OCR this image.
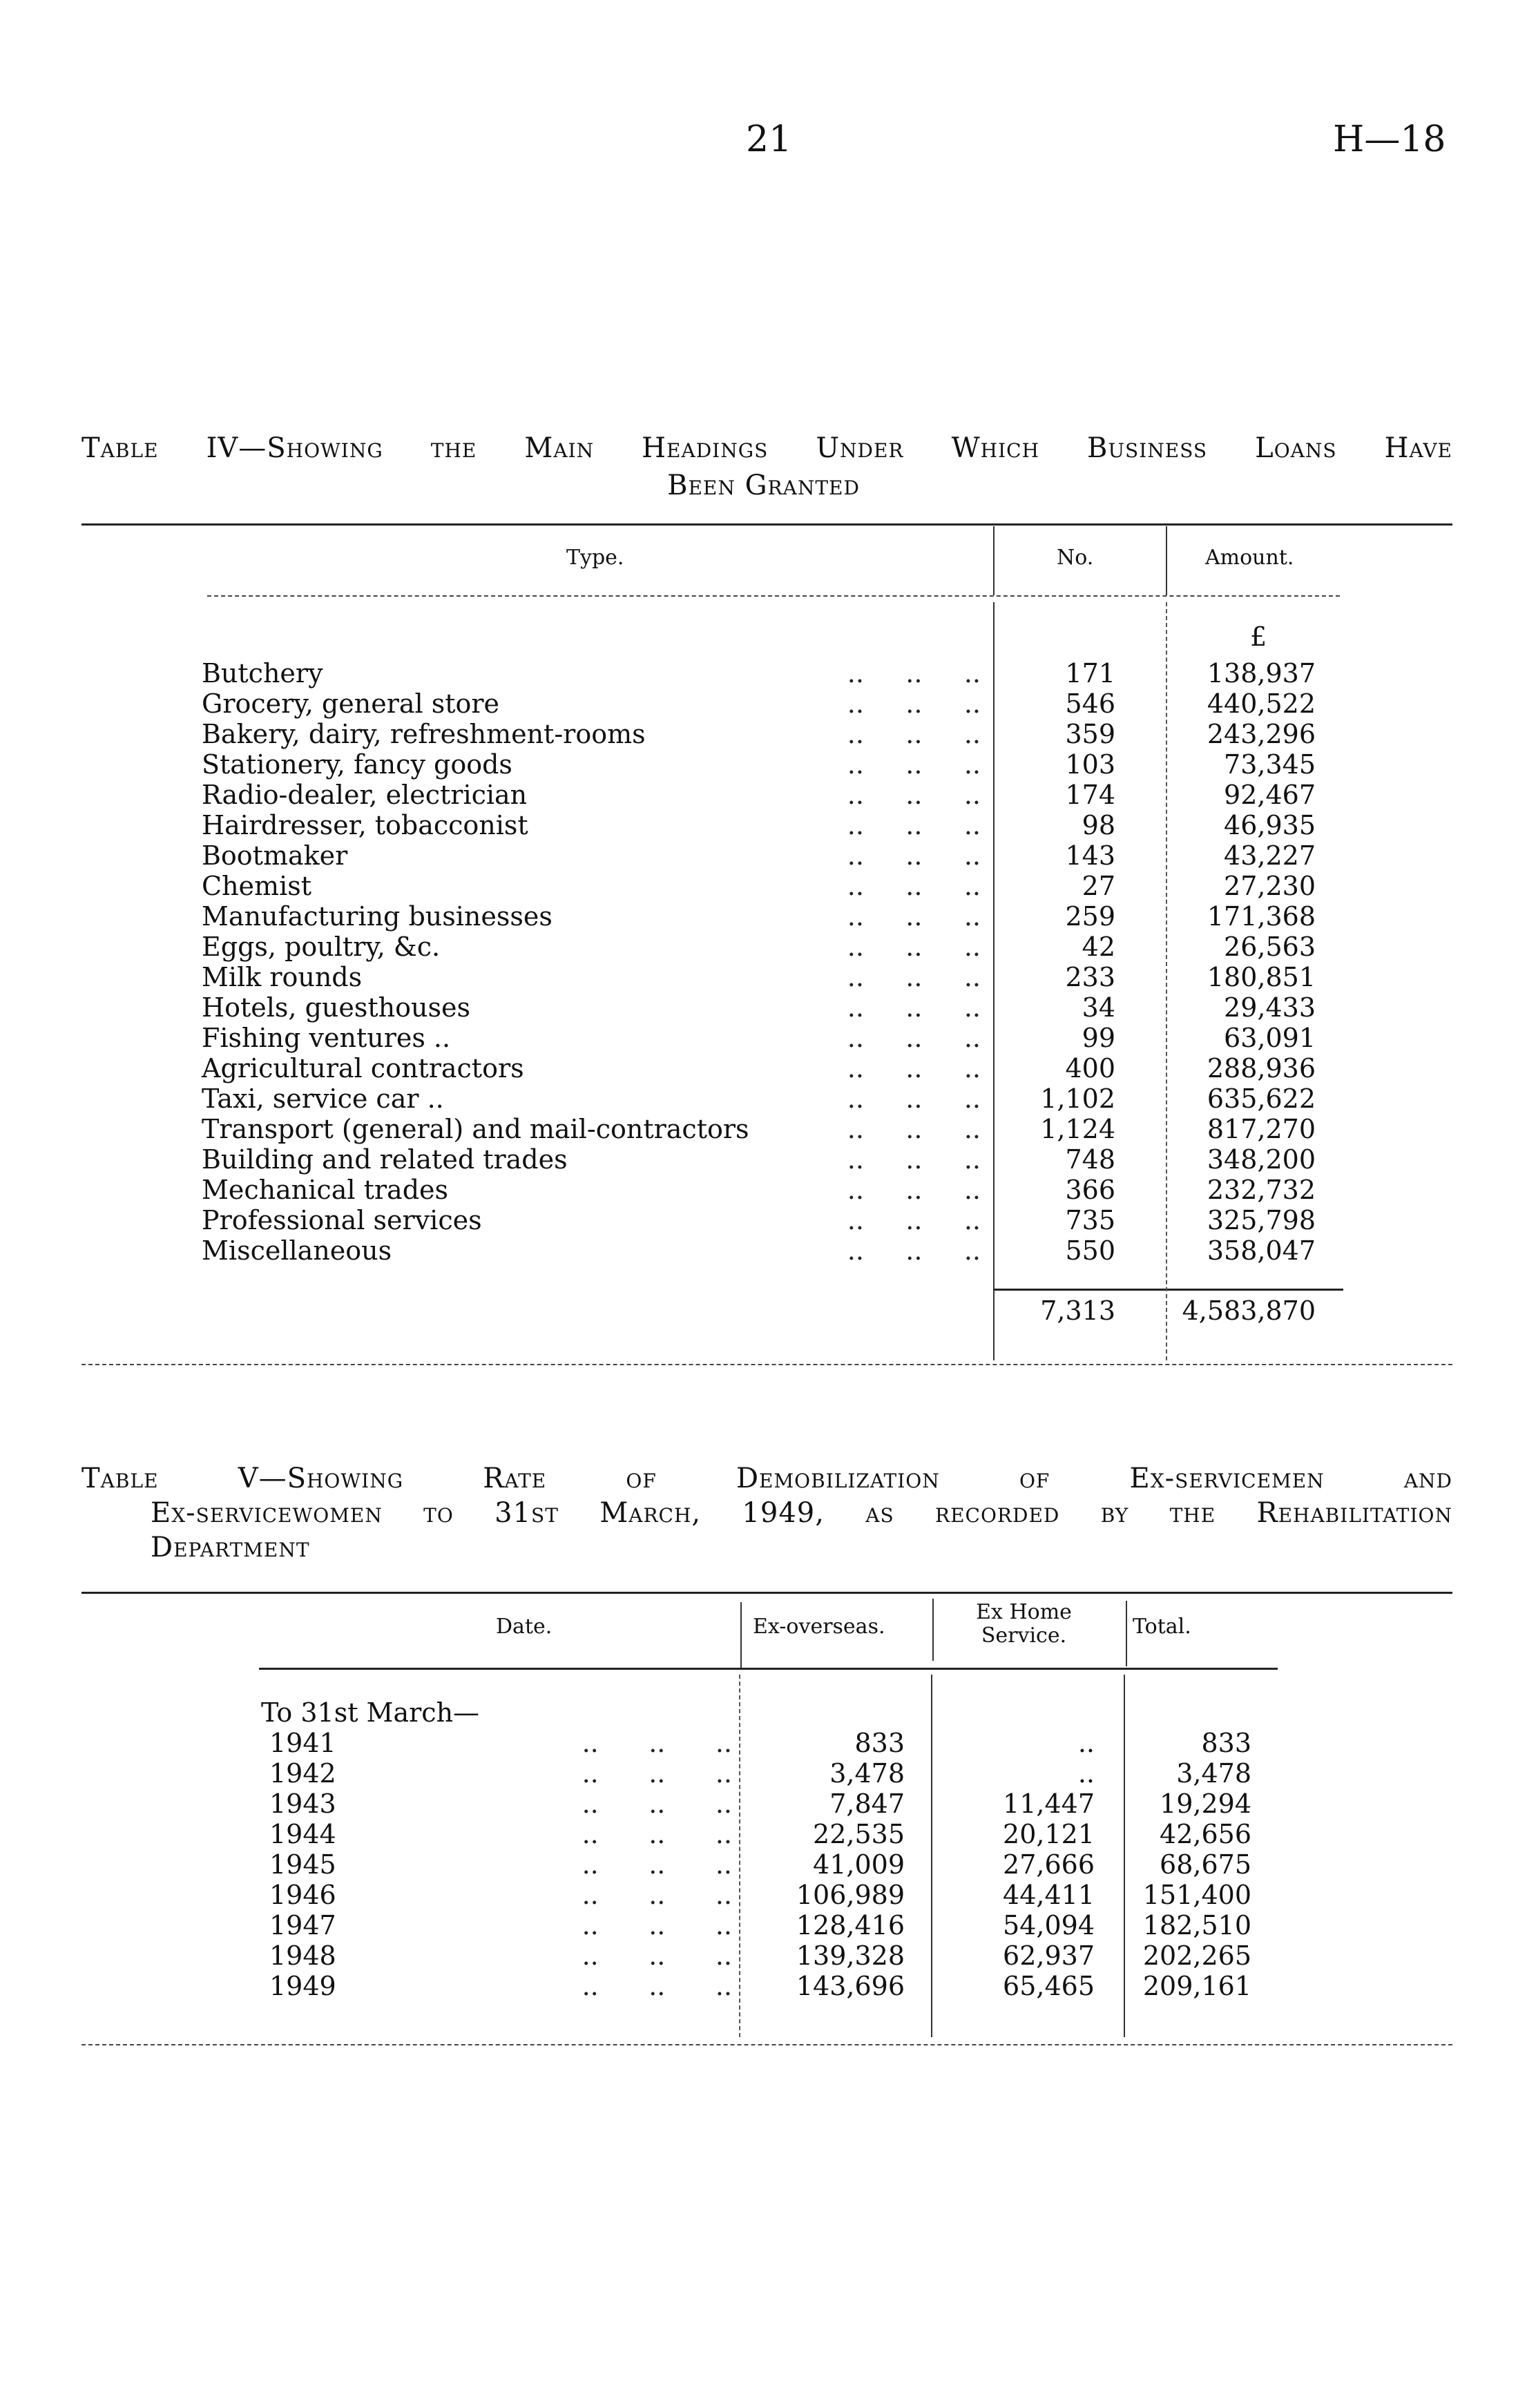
21	H—18
Table IV—Showing the Main Headings Under Which Business Loans Have
Been Granted
Type.	No.	Amount.
£
Butchery	..     ..     ..	171	138,937
Grocery, general store	..     ..     ..	546	440,522
Bakery, dairy, refreshment-rooms	..     ..     ..	359	243,296
Stationery, fancy goods	..     ..     ..	103	73,345
Radio-dealer, electrician	..     ..     ..	174	92,467
Hairdresser, tobacconist	..     ..     ..	98	46,935
Bootmaker	..     ..     ..	143	43,227
Chemist	..     ..     ..	27	27,230
Manufacturing businesses	..     ..     ..	259	171,368
Eggs, poultry, &c.	..     ..     ..	42	26,563
Milk rounds	..     ..     ..	233	180,851
Hotels, guesthouses	..     ..     ..	34	29,433
Fishing ventures ..	..     ..     ..	99	63,091
Agricultural contractors	..     ..     ..	400	288,936
Taxi, service car ..	..     ..     ..	1,102	635,622
Transport (general) and mail-contractors	..     ..     ..	1,124	817,270
Building and related trades	..     ..     ..	748	348,200
Mechanical trades	..     ..     ..	366	232,732
Professional services	..     ..     ..	735	325,798
Miscellaneous	..     ..     ..	550	358,047
7,313	4,583,870
Table V—Showing Rate of Demobilization of Ex-servicemen and
Ex-servicewomen to 31st March, 1949, as recorded by the Rehabilitation
Department
Date.	Ex-overseas.
Ex Home
Service.	Total.
To 31st March—
1941	..      ..      ..	833	..	833
1942	..      ..      ..	3,478	..	3,478
1943	..      ..      ..	7,847	11,447	19,294
1944	..      ..      ..	22,535	20,121	42,656
1945	..      ..      ..	41,009	27,666	68,675
1946	..      ..      ..	106,989	44,411	151,400
1947	..      ..      ..	128,416	54,094	182,510
1948	..      ..      ..	139,328	62,937	202,265
1949	..      ..      ..	143,696	65,465	209,161
